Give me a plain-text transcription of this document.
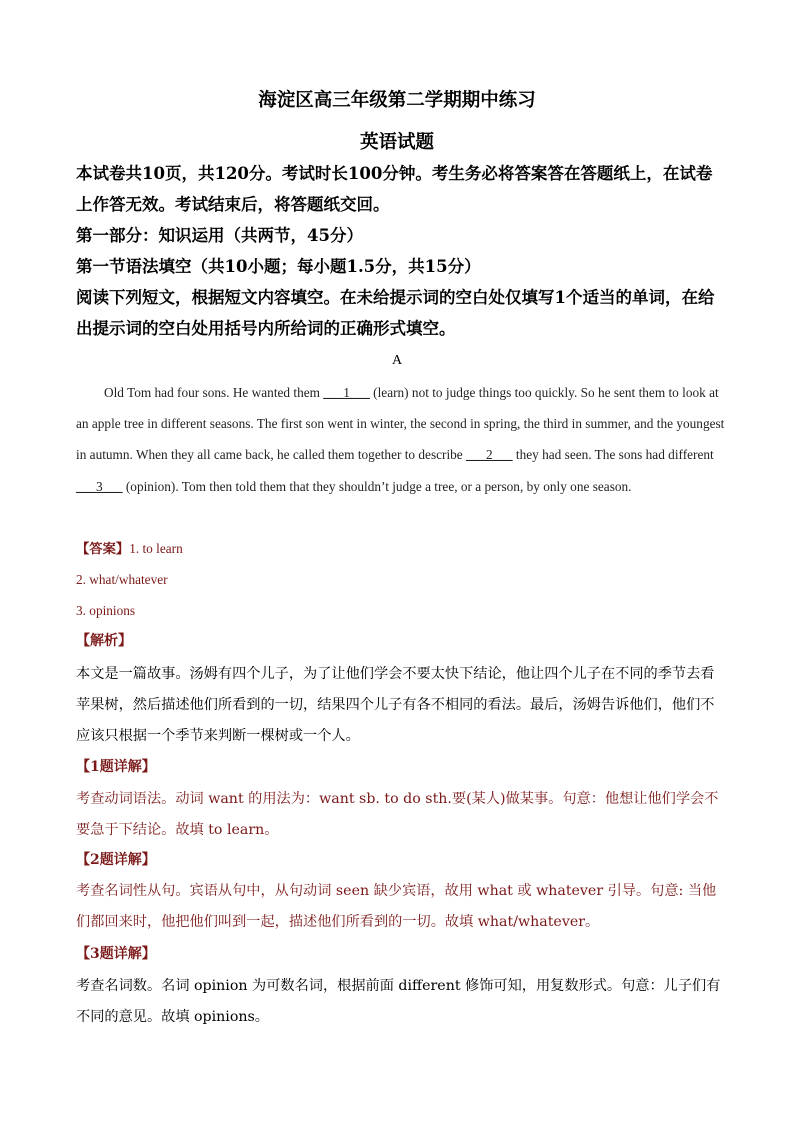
海淀区高三年级第二学期期中练习
英语试题
本试卷共10页，共120分。考试时长100分钟。考生务必将答案答在答题纸上，在试卷上作答无效。考试结束后，将答题纸交回。
第一部分：知识运用（共两节，45分）
第一节语法填空（共10小题；每小题1.5分，共15分）
阅读下列短文，根据短文内容填空。在未给提示词的空白处仅填写1个适当的单词，在给出提示词的空白处用括号内所给词的正确形式填空。
A
Old Tom had four sons. He wanted them ___1___ (learn) not to judge things too quickly. So he sent them to look at an apple tree in different seasons. The first son went in winter, the second in spring, the third in summer, and the youngest in autumn. When they all came back, he called them together to describe ___2___ they had seen. The sons had different ___3___ (opinion). Tom then told them that they shouldn’t judge a tree, or a person, by only one season.
【答案】1. to learn
2. what/whatever
3. opinions
【解析】
本文是一篇故事。汤姆有四个儿子，为了让他们学会不要太快下结论，他让四个儿子在不同的季节去看苹果树，然后描述他们所看到的一切，结果四个儿子有各不相同的看法。最后，汤姆告诉他们，他们不应该只根据一个季节来判断一棵树或一个人。
【1题详解】
考查动词语法。动词 want 的用法为：want sb. to do sth.要(某人)做某事。句意：他想让他们学会不要急于下结论。故填 to learn。
【2题详解】
考查名词性从句。宾语从句中，从句动词 seen 缺少宾语，故用 what 或 whatever 引导。句意: 当他们都回来时，他把他们叫到一起，描述他们所看到的一切。故填 what/whatever。
【3题详解】
考查名词数。名词 opinion 为可数名词，根据前面 different 修饰可知，用复数形式。句意：儿子们有不同的意见。故填 opinions。
